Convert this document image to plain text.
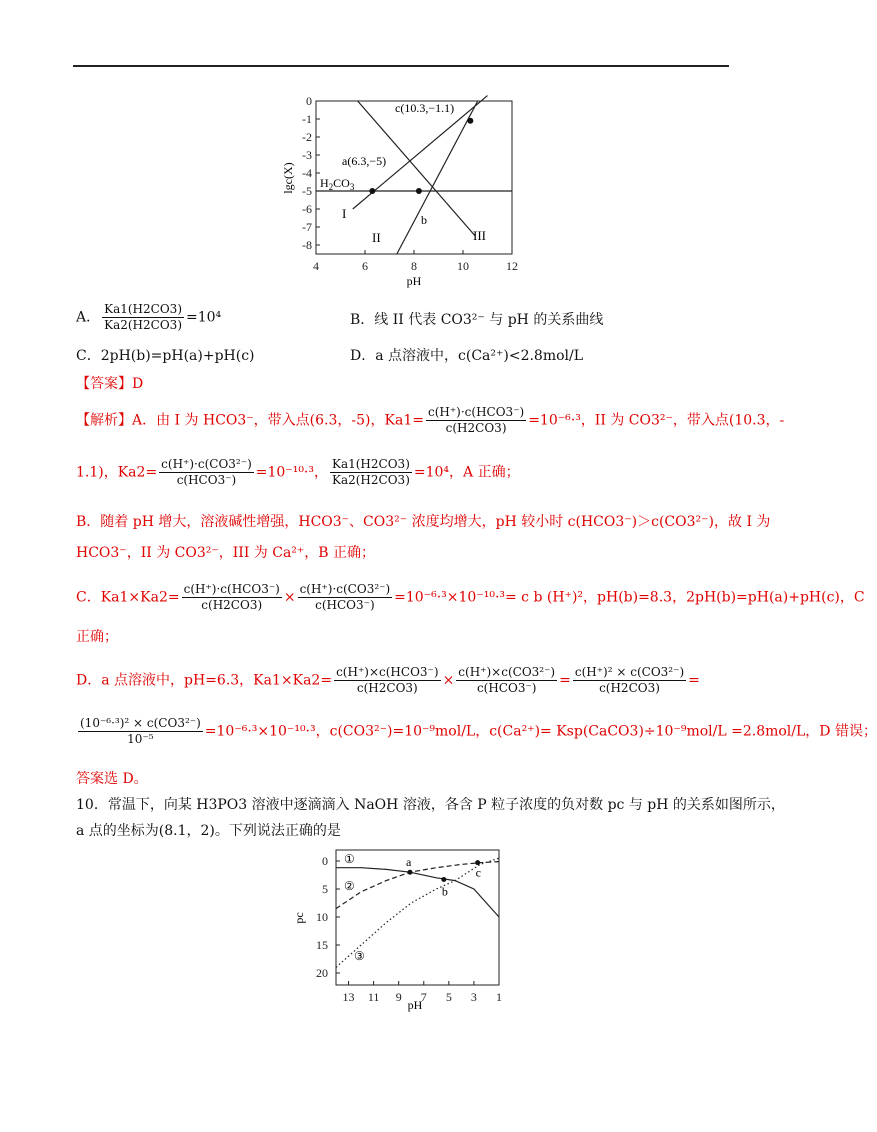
0
-1
-2
-3
-4
-5
-6
-7
-8
4	6	8	10	12
lgc(X)
pH
I
II	III
$H_2CO_3$
a(6.3,−5)
b
c(10.3,−1.1)
A． $\frac{Ka1(H2CO3)}{Ka2(H2CO3)} =10^4$	B．线 II 代表 CO3²⁻ 与 pH 的关系曲线
C．2pH(b)=pH(a)+pH(c)	D．a 点溶液中，c(Ca²⁺)<2.8mol/L
【答案】D
【解析】A．由 I 为 HCO3⁻，带入点(6.3，-5)，$Ka1= \frac{\text{c(H⁺)·c(HCO3⁻)}}{c(H2CO3)} =10^{-6}\cdot^3$，II 为 CO3²⁻，带入点(10.3，-
1.1)，$Ka2= \frac{\text{c(H⁺)·c(CO3²⁻)}}{\text{c(HCO3⁻)}} =10^{-10}\cdot^3$， $\frac{Ka1(H2CO3)}{Ka2(H2CO3)} =10^4$，A 正确；
B．随着 pH 增大，溶液碱性增强，HCO3⁻、CO3²⁻ 浓度均增大，pH 较小时 c(HCO3⁻)＞c(CO3²⁻)，故 I 为
HCO3⁻，II 为 CO3²⁻，III 为 Ca²⁺，B 正确；
C．$Ka1\times Ka2= \frac{\text{c(H⁺)·c(HCO3⁻)}}{c(H2CO3)} \times \frac{\text{c(H⁺)·c(CO3²⁻)}}{\text{c(HCO3⁻)}} =10^{-6}\cdot^3\times 10^{-10}\cdot^3= c$ b (H⁺)²，pH(b)=8.3，2pH(b)=pH(a)+pH(c)，C
正确；
D．a 点溶液中，pH=6.3，$Ka1\times Ka2= \frac{\text{c(H⁺)×c(HCO3⁻)}}{c(H2CO3)} \times \frac{\text{c(H⁺)×c(CO3²⁻)}}{\text{c(HCO3⁻)}} = \frac{\text{c(H⁺)² × c(CO3²⁻)}}{c(H2CO3)}$ =
$\frac{\text{(10⁻⁶·³)² × c(CO3²⁻)}}{\text{10⁻⁵}} =10^{-6}\cdot^3\times 10^{-10}\cdot^3$，c(CO3²⁻)=10⁻⁹mol/L，c(Ca²⁺)= Ksp(CaCO3)÷10⁻⁹mol/L =2.8mol/L，D 错误；
答案选 D。
10．常温下，向某 H3PO3 溶液中逐滴滴入 NaOH 溶液，各含 P 粒子浓度的负对数 pc 与 pH 的关系如图所示，
a 点的坐标为(8.1，2)。下列说法正确的是
0
5
10
15
20
13 11 9 7 5 3 1
a
b
c
pc
pH
①
②
③
